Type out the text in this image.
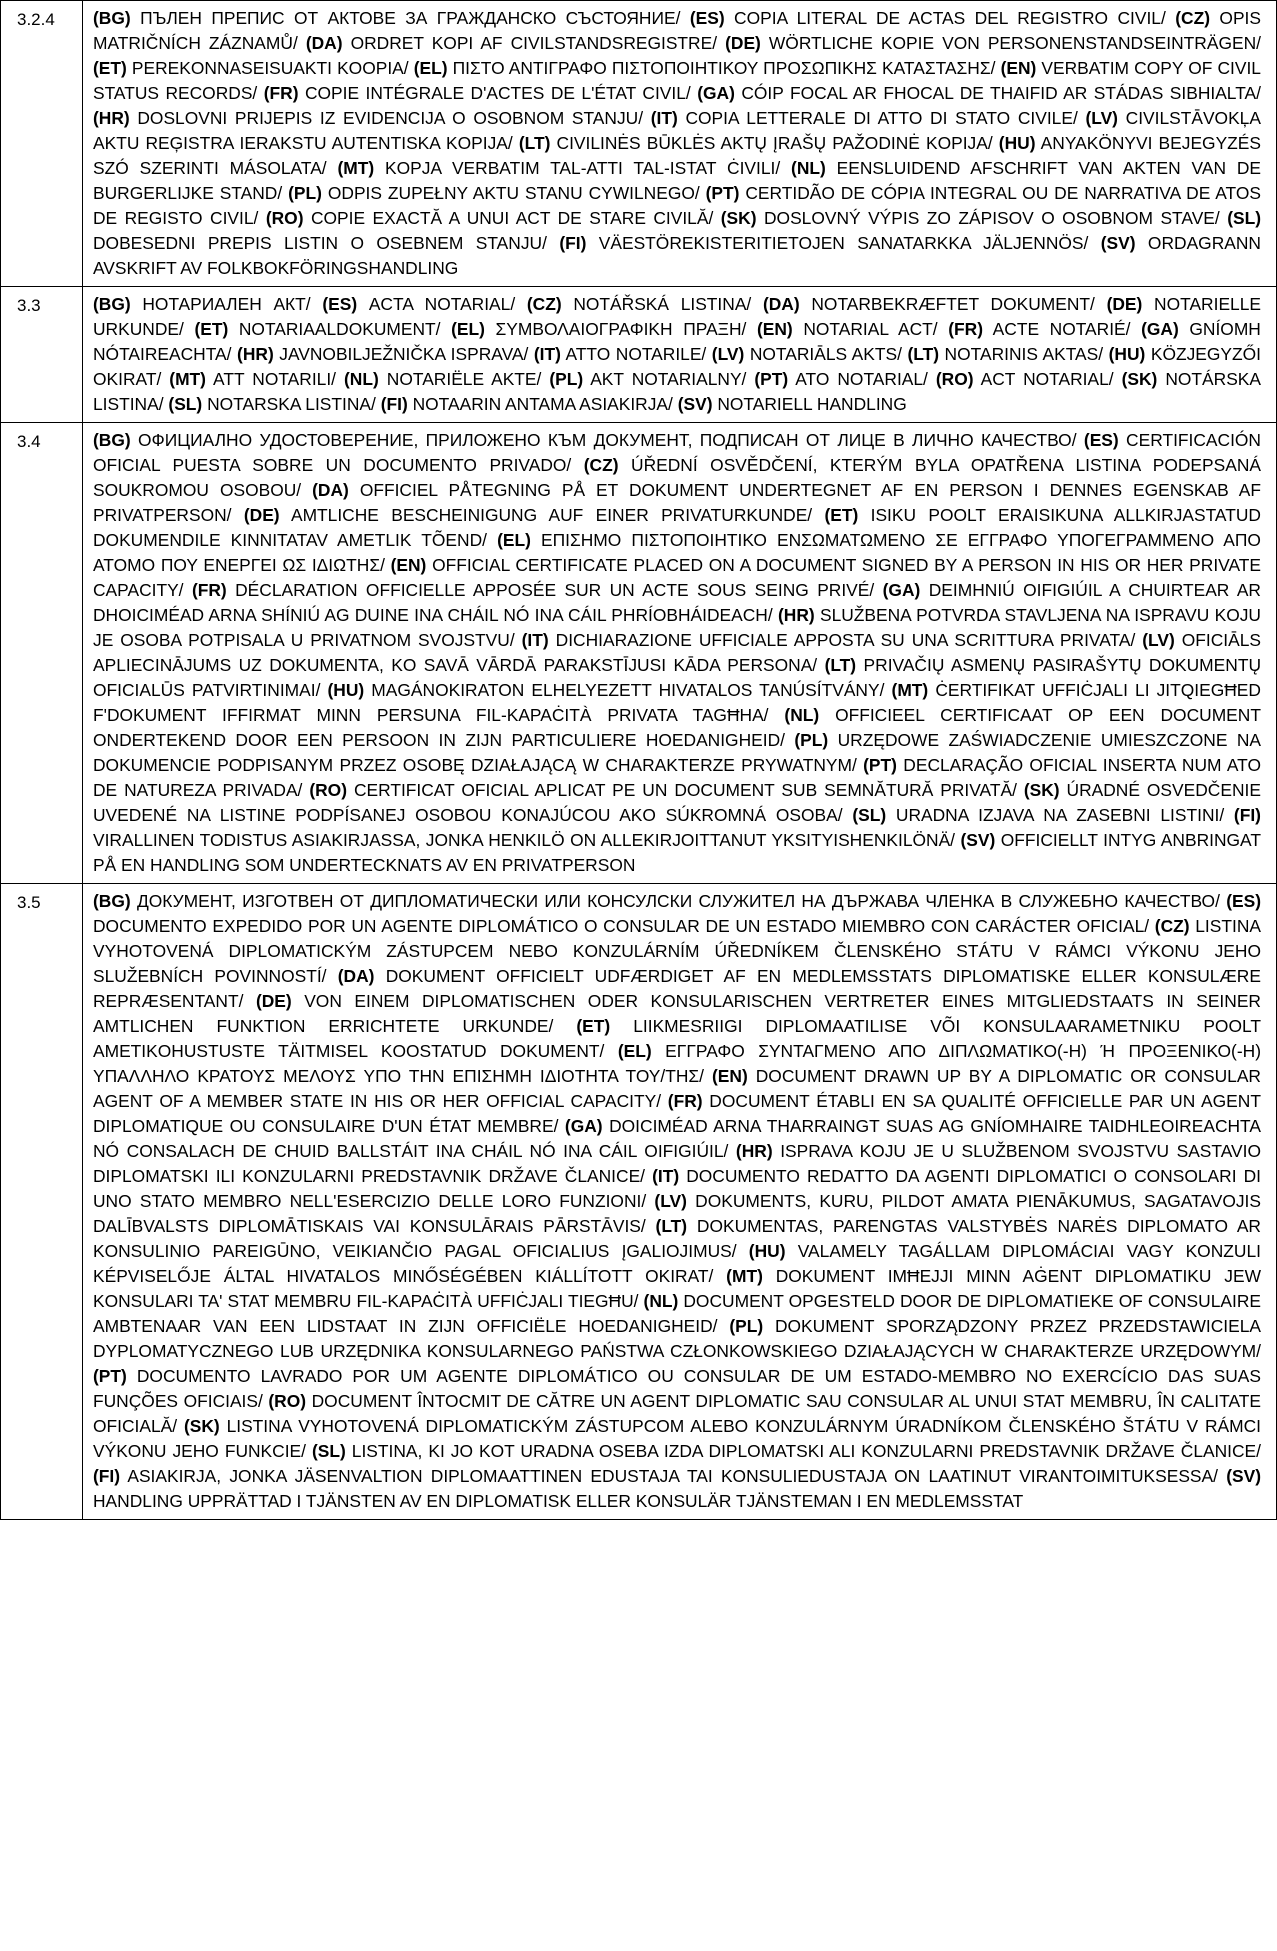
3.2.4	(BG) ПЪЛЕН ПРЕПИС ОТ АКТОВЕ ЗА ГРАЖДАНСКО СЪСТОЯНИЕ/ (ES) COPIA LITERAL DE ACTAS DEL REGISTRO CIVIL/ (CZ) OPIS MATRIČNÍCH ZÁZNAMŮ/ (DA) ORDRET KOPI AF CIVILSTANDSREGISTRE/ (DE) WÖRTLICHE KOPIE VON PERSONENSTANDSEINTRÄGEN/ (ET) PEREKONNASEISUAKTI KOOPIA/ (EL) ΠΙΣΤΟ ΑΝΤΙΓΡΑΦΟ ΠΙΣΤΟΠΟΙΗΤΙΚΟΥ ΠΡΟΣΩΠΙΚΗΣ ΚΑΤΑΣΤΑΣΗΣ/ (EN) VERBATIM COPY OF CIVIL STATUS RECORDS/ (FR) COPIE INTÉGRALE D'ACTES DE L'ÉTAT CIVIL/ (GA) CÓIP FOCAL AR FHOCAL DE THAIFID AR STÁDAS SIBHIALTA/ (HR) DOSLOVNI PRIJEPIS IZ EVIDENCIJA O OSOBNOM STANJU/ (IT) COPIA LETTERALE DI ATTO DI STATO CIVILE/ (LV) CIVILSTĀVOKĻA AKTU REĢISTRA IERAKSTU AUTENTISKA KOPIJA/ (LT) CIVILINĖS BŪKLĖS AKTŲ ĮRAŠŲ PAŽODINĖ KOPIJA/ (HU) ANYAKÖNYVI BEJEGYZÉS SZÓ SZERINTI MÁSOLATA/ (MT) KOPJA VERBATIM TAL-ATTI TAL-ISTAT ĊIVILI/ (NL) EENSLUIDEND AFSCHRIFT VAN AKTEN VAN DE BURGERLIJKE STAND/ (PL) ODPIS ZUPEŁNY AKTU STANU CYWILNEGO/ (PT) CERTIDÃO DE CÓPIA INTEGRAL OU DE NARRATIVA DE ATOS DE REGISTO CIVIL/ (RO) COPIE EXACTĂ A UNUI ACT DE STARE CIVILĂ/ (SK) DOSLOVNÝ VÝPIS ZO ZÁPISOV O OSOBNOM STAVE/ (SL) DOBESEDNI PREPIS LISTIN O OSEBNEM STANJU/ (FI) VÄESTÖREKISTERITIETOJEN SANATARKKA JÄLJENNÖS/ (SV) ORDAGRANN AVSKRIFT AV FOLKBOKFÖRINGSHANDLING
3.3	(BG) НОТАРИАЛЕН АКТ/ (ES) ACTA NOTARIAL/ (CZ) NOTÁŘSKÁ LISTINA/ (DA) NOTARBEKRÆFTET DOKUMENT/ (DE) NOTARIELLE URKUNDE/ (ET) NOTARIAALDOKUMENT/ (EL) ΣΥΜΒΟΛΑΙΟΓΡΑΦΙΚΗ ΠΡΑΞΗ/ (EN) NOTARIAL ACT/ (FR) ACTE NOTARIÉ/ (GA) GNÍOMH NÓTAIREACHTA/ (HR) JAVNOBILJEŽNIČKA ISPRAVA/ (IT) ATTO NOTARILE/ (LV) NOTARIĀLS AKTS/ (LT) NOTARINIS AKTAS/ (HU) KÖZJEGYZŐI OKIRAT/ (MT) ATT NOTARILI/ (NL) NOTARIËLE AKTE/ (PL) AKT NOTARIALNY/ (PT) ATO NOTARIAL/ (RO) ACT NOTARIAL/ (SK) NOTÁRSKA LISTINA/ (SL) NOTARSKA LISTINA/ (FI) NOTAARIN ANTAMA ASIAKIRJA/ (SV) NOTARIELL HANDLING
3.4	(BG) ОФИЦИАЛНО УДОСТОВЕРЕНИЕ, ПРИЛОЖЕНО КЪМ ДОКУМЕНТ, ПОДПИСАН ОТ ЛИЦЕ В ЛИЧНО КАЧЕСТВО/ (ES) CERTIFICACIÓN OFICIAL PUESTA SOBRE UN DOCUMENTO PRIVADO/ (CZ) ÚŘEDNÍ OSVĚDČENÍ, KTERÝM BYLA OPATŘENA LISTINA PODEPSANÁ SOUKROMOU OSOBOU/ (DA) OFFICIEL PÅTEGNING PÅ ET DOKUMENT UNDERTEGNET AF EN PERSON I DENNES EGENSKAB AF PRIVATPERSON/ (DE) AMTLICHE BESCHEINIGUNG AUF EINER PRIVATURKUNDE/ (ET) ISIKU POOLT ERAISIKUNA ALLKIRJASTATUD DOKUMENDILE KINNITATAV AMETLIK TÕEND/ (EL) ΕΠΙΣΗΜΟ ΠΙΣΤΟΠΟΙΗΤΙΚΟ ΕΝΣΩΜΑΤΩΜΕΝΟ ΣΕ ΕΓΓΡΑΦΟ ΥΠΟΓΕΓΡΑΜΜΕΝΟ ΑΠΟ ΑΤΟΜΟ ΠΟΥ ΕΝΕΡΓΕΙ ΩΣ ΙΔΙΩΤΗΣ/ (EN) OFFICIAL CERTIFICATE PLACED ON A DOCUMENT SIGNED BY A PERSON IN HIS OR HER PRIVATE CAPACITY/ (FR) DÉCLARATION OFFICIELLE APPOSÉE SUR UN ACTE SOUS SEING PRIVÉ/ (GA) DEIMHNIÚ OIFIGIÚIL A CHUIRTEAR AR DHOICIMÉAD ARNA SHÍNIÚ AG DUINE INA CHÁIL NÓ INA CÁIL PHRÍOBHÁIDEACH/ (HR) SLUŽBENA POTVRDA STAVLJENA NA ISPRAVU KOJU JE OSOBA POTPISALA U PRIVATNOM SVOJSTVU/ (IT) DICHIARAZIONE UFFICIALE APPOSTA SU UNA SCRITTURA PRIVATA/ (LV) OFICIĀLS APLIECINĀJUMS UZ DOKUMENTA, KO SAVĀ VĀRDĀ PARAKSTĪJUSI KĀDA PERSONA/ (LT) PRIVAČIŲ ASMENŲ PASIRAŠYTŲ DOKUMENTŲ OFICIALŪS PATVIRTINIMAI/ (HU) MAGÁNOKIRATON ELHELYEZETT HIVATALOS TANÚSÍTVÁNY/ (MT) ĊERTIFIKAT UFFIĊJALI LI JITQIEGĦED F'DOKUMENT IFFIRMAT MINN PERSUNA FIL-KAPAĊITÀ PRIVATA TAGĦHA/ (NL) OFFICIEEL CERTIFICAAT OP EEN DOCUMENT ONDERTEKEND DOOR EEN PERSOON IN ZIJN PARTICULIERE HOEDANIGHEID/ (PL) URZĘDOWE ZAŚWIADCZENIE UMIESZCZONE NA DOKUMENCIE PODPISANYM PRZEZ OSOBĘ DZIAŁAJĄCĄ W CHARAKTERZE PRYWATNYM/ (PT) DECLARAÇÃO OFICIAL INSERTA NUM ATO DE NATUREZA PRIVADA/ (RO) CERTIFICAT OFICIAL APLICAT PE UN DOCUMENT SUB SEMNĂTURĂ PRIVATĂ/ (SK) ÚRADNÉ OSVEDČENIE UVEDENÉ NA LISTINE PODPÍSANEJ OSOBOU KONAJÚCOU AKO SÚKROMNÁ OSOBA/ (SL) URADNA IZJAVA NA ZASEBNI LISTINI/ (FI) VIRALLINEN TODISTUS ASIAKIRJASSA, JONKA HENKILÖ ON ALLEKIRJOITTANUT YKSITYISHENKILÖNÄ/ (SV) OFFICIELLT INTYG ANBRINGAT PÅ EN HANDLING SOM UNDERTECKNATS AV EN PRIVATPERSON
3.5	(BG) ДОКУМЕНТ, ИЗГОТВЕН ОТ ДИПЛОМАТИЧЕСКИ ИЛИ КОНСУЛСКИ СЛУЖИТЕЛ НА ДЪРЖАВА ЧЛЕНКА В СЛУЖЕБНО КАЧЕСТВО/ (ES) DOCUMENTO EXPEDIDO POR UN AGENTE DIPLOMÁTICO O CONSULAR DE UN ESTADO MIEMBRO CON CARÁCTER OFICIAL/ (CZ) LISTINA VYHOTOVENÁ DIPLOMATICKÝM ZÁSTUPCEM NEBO KONZULÁRNÍM ÚŘEDNÍKEM ČLENSKÉHO STÁTU V RÁMCI VÝKONU JEHO SLUŽEBNÍCH POVINNOSTÍ/ (DA) DOKUMENT OFFICIELT UDFÆRDIGET AF EN MEDLEMSSTATS DIPLOMATISKE ELLER KONSULÆRE REPRÆSENTANT/ (DE) VON EINEM DIPLOMATISCHEN ODER KONSULARISCHEN VERTRETER EINES MITGLIEDSTAATS IN SEINER AMTLICHEN FUNKTION ERRICHTETE URKUNDE/ (ET) LIIKMESRIIGI DIPLOMAATILISE VÕI KONSULAARAMETNIKU POOLT AMETIKOHUSTUSTE TÄITMISEL KOOSTATUD DOKUMENT/ (EL) ΕΓΓΡΑΦΟ ΣΥΝΤΑΓΜΕΝΟ ΑΠΟ ΔΙΠΛΩΜΑΤΙΚΟ(-Η) Ή ΠΡΟΞΕΝΙΚΟ(-Η) ΥΠΑΛΛΗΛΟ ΚΡΑΤΟΥΣ ΜΕΛΟΥΣ ΥΠΟ ΤΗΝ ΕΠΙΣΗΜΗ ΙΔΙΟΤΗΤΑ ΤΟΥ/ΤΗΣ/ (EN) DOCUMENT DRAWN UP BY A DIPLOMATIC OR CONSULAR AGENT OF A MEMBER STATE IN HIS OR HER OFFICIAL CAPACITY/ (FR) DOCUMENT ÉTABLI EN SA QUALITÉ OFFICIELLE PAR UN AGENT DIPLOMATIQUE OU CONSULAIRE D'UN ÉTAT MEMBRE/ (GA) DOICIMÉAD ARNA THARRAINGT SUAS AG GNÍOMHAIRE TAIDHLEOIREACHTA NÓ CONSALACH DE CHUID BALLSTÁIT INA CHÁIL NÓ INA CÁIL OIFIGIÚIL/ (HR) ISPRAVA KOJU JE U SLUŽBENOM SVOJSTVU SASTAVIO DIPLOMATSKI ILI KONZULARNI PREDSTAVNIK DRŽAVE ČLANICE/ (IT) DOCUMENTO REDATTO DA AGENTI DIPLOMATICI O CONSOLARI DI UNO STATO MEMBRO NELL'ESERCIZIO DELLE LORO FUNZIONI/ (LV) DOKUMENTS, KURU, PILDOT AMATA PIENĀKUMUS, SAGATAVOJIS DALĪBVALSTS DIPLOMĀTISKAIS VAI KONSULĀRAIS PĀRSTĀVIS/ (LT) DOKUMENTAS, PARENGTAS VALSTYBĖS NARĖS DIPLOMATO AR KONSULINIO PAREIGŪNO, VEIKIANČIO PAGAL OFICIALIUS ĮGALIOJIMUS/ (HU) VALAMELY TAGÁLLAM DIPLOMÁCIAI VAGY KONZULI KÉPVISELŐJE ÁLTAL HIVATALOS MINŐSÉGÉBEN KIÁLLÍTOTT OKIRAT/ (MT) DOKUMENT IMĦEJJI MINN AĠENT DIPLOMATIKU JEW KONSULARI TA' STAT MEMBRU FIL-KAPAĊITÀ UFFIĊJALI TIEGĦU/ (NL) DOCUMENT OPGESTELD DOOR DE DIPLOMATIEKE OF CONSULAIRE AMBTENAAR VAN EEN LIDSTAAT IN ZIJN OFFICIËLE HOEDANIGHEID/ (PL) DOKUMENT SPORZĄDZONY PRZEZ PRZEDSTAWICIELA DYPLOMATYCZNEGO LUB URZĘDNIKA KONSULARNEGO PAŃSTWA CZŁONKOWSKIEGO DZIAŁAJĄCYCH W CHARAKTERZE URZĘDOWYM/ (PT) DOCUMENTO LAVRADO POR UM AGENTE DIPLOMÁTICO OU CONSULAR DE UM ESTADO-MEMBRO NO EXERCÍCIO DAS SUAS FUNÇÕES OFICIAIS/ (RO) DOCUMENT ÎNTOCMIT DE CĂTRE UN AGENT DIPLOMATIC SAU CONSULAR AL UNUI STAT MEMBRU, ÎN CALITATE OFICIALĂ/ (SK) LISTINA VYHOTOVENÁ DIPLOMATICKÝM ZÁSTUPCOM ALEBO KONZULÁRNYM ÚRADNÍKOM ČLENSKÉHO ŠTÁTU V RÁMCI VÝKONU JEHO FUNKCIE/ (SL) LISTINA, KI JO KOT URADNA OSEBA IZDA DIPLOMATSKI ALI KONZULARNI PREDSTAVNIK DRŽAVE ČLANICE/ (FI) ASIAKIRJA, JONKA JÄSENVALTION DIPLOMAATTINEN EDUSTAJA TAI KONSULIEDUSTAJA ON LAATINUT VIRANTOIMITUKSESSA/ (SV) HANDLING UPPRÄTTAD I TJÄNSTEN AV EN DIPLOMATISK ELLER KONSULÄR TJÄNSTEMAN I EN MEDLEMSSTAT
